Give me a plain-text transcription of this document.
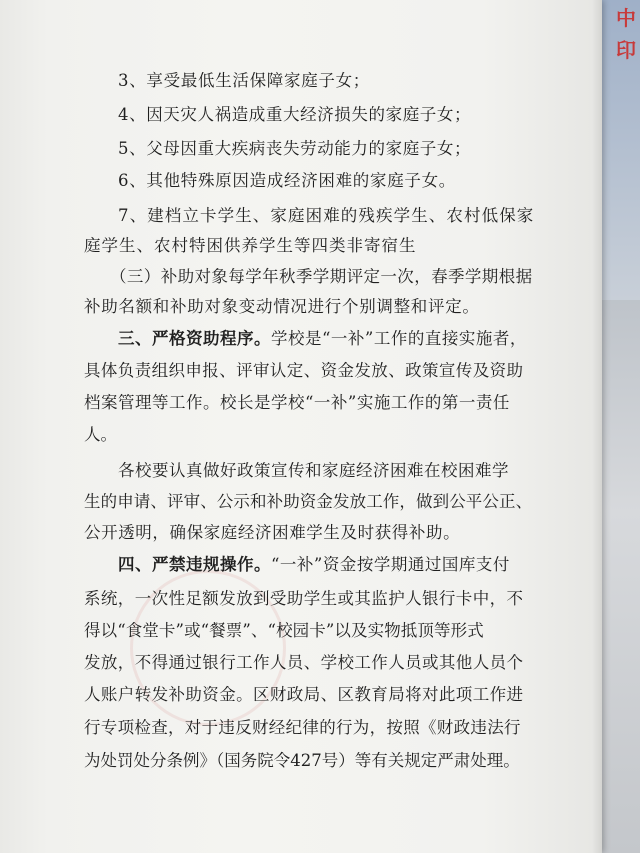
中
印
3、享受最低生活保障家庭子女；
4、因天灾人祸造成重大经济损失的家庭子女；
5、父母因重大疾病丧失劳动能力的家庭子女；
6、其他特殊原因造成经济困难的家庭子女。
7、建档立卡学生、家庭困难的残疾学生、农村低保家
庭学生、农村特困供养学生等四类非寄宿生
（三）补助对象每学年秋季学期评定一次，春季学期根据
补助名额和补助对象变动情况进行个别调整和评定。
三、严格资助程序。学校是“一补”工作的直接实施者，
具体负责组织申报、评审认定、资金发放、政策宣传及资助
档案管理等工作。校长是学校“一补”实施工作的第一责任
人。
各校要认真做好政策宣传和家庭经济困难在校困难学
生的申请、评审、公示和补助资金发放工作，做到公平公正、
公开透明，确保家庭经济困难学生及时获得补助。
四、严禁违规操作。“一补”资金按学期通过国库支付
系统，一次性足额发放到受助学生或其监护人银行卡中，不
得以“食堂卡”或“餐票”、“校园卡”以及实物抵顶等形式
发放，不得通过银行工作人员、学校工作人员或其他人员个
人账户转发补助资金。区财政局、区教育局将对此项工作进
行专项检查，对于违反财经纪律的行为，按照《财政违法行
为处罚处分条例》（国务院令427号）等有关规定严肃处理。
